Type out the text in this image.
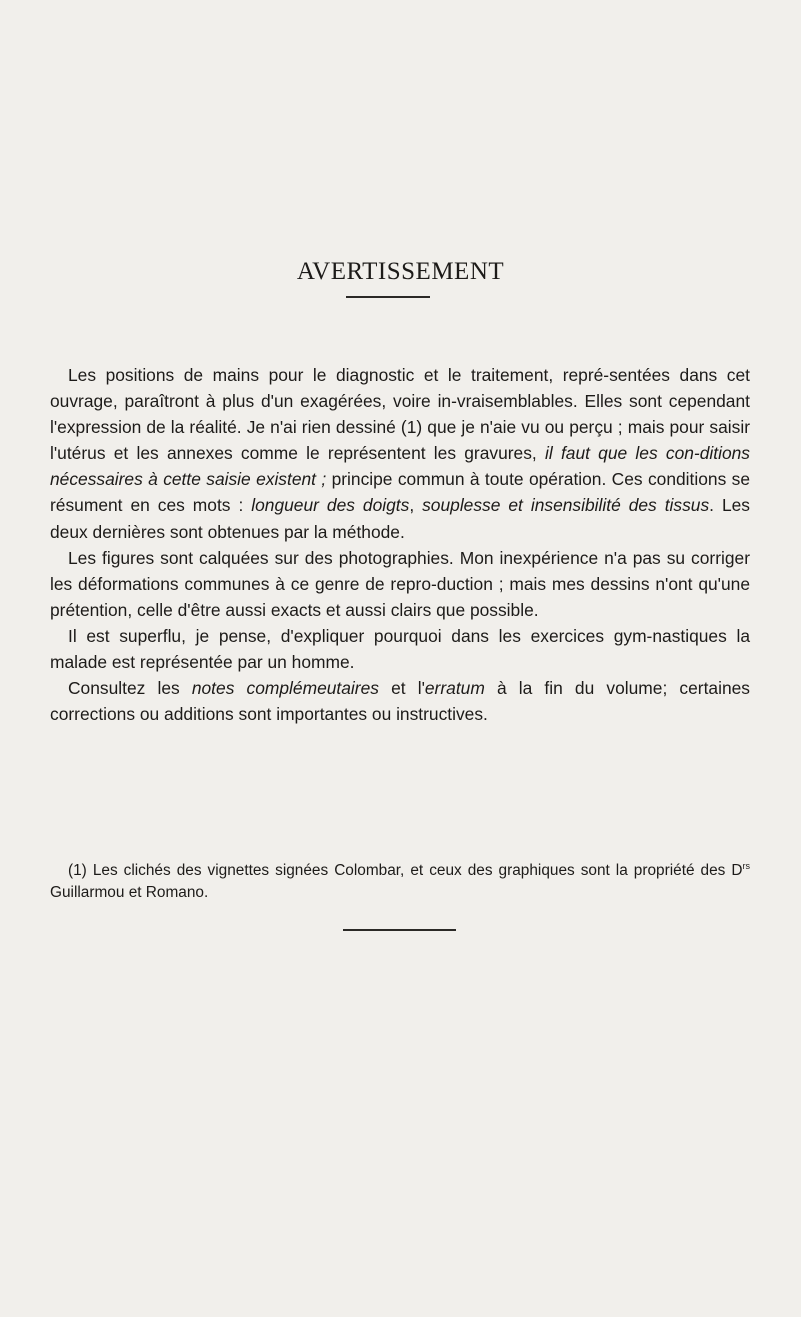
AVERTISSEMENT

Les positions de mains pour le diagnostic et le traitement, repré-sentées dans cet ouvrage, paraîtront à plus d'un exagérées, voire in-vraisemblables. Elles sont cependant l'expression de la réalité. Je n'ai rien dessiné (1) que je n'aie vu ou perçu ; mais pour saisir l'utérus et les annexes comme le représentent les gravures, il faut que les con-ditions nécessaires à cette saisie existent ; principe commun à toute opération. Ces conditions se résument en ces mots : longueur des doigts, souplesse et insensibilité des tissus. Les deux dernières sont obtenues par la méthode.

Les figures sont calquées sur des photographies. Mon inexpérience n'a pas su corriger les déformations communes à ce genre de repro-duction ; mais mes dessins n'ont qu'une prétention, celle d'être aussi exacts et aussi clairs que possible.

Il est superflu, je pense, d'expliquer pourquoi dans les exercices gym-nastiques la malade est représentée par un homme.

Consultez les notes complémeutaires et l'erratum à la fin du volume; certaines corrections ou additions sont importantes ou instructives.

(1) Les clichés des vignettes signées Colombar, et ceux des graphiques sont la propriété des $D^{rs}$ Guillarmou et Romano.
